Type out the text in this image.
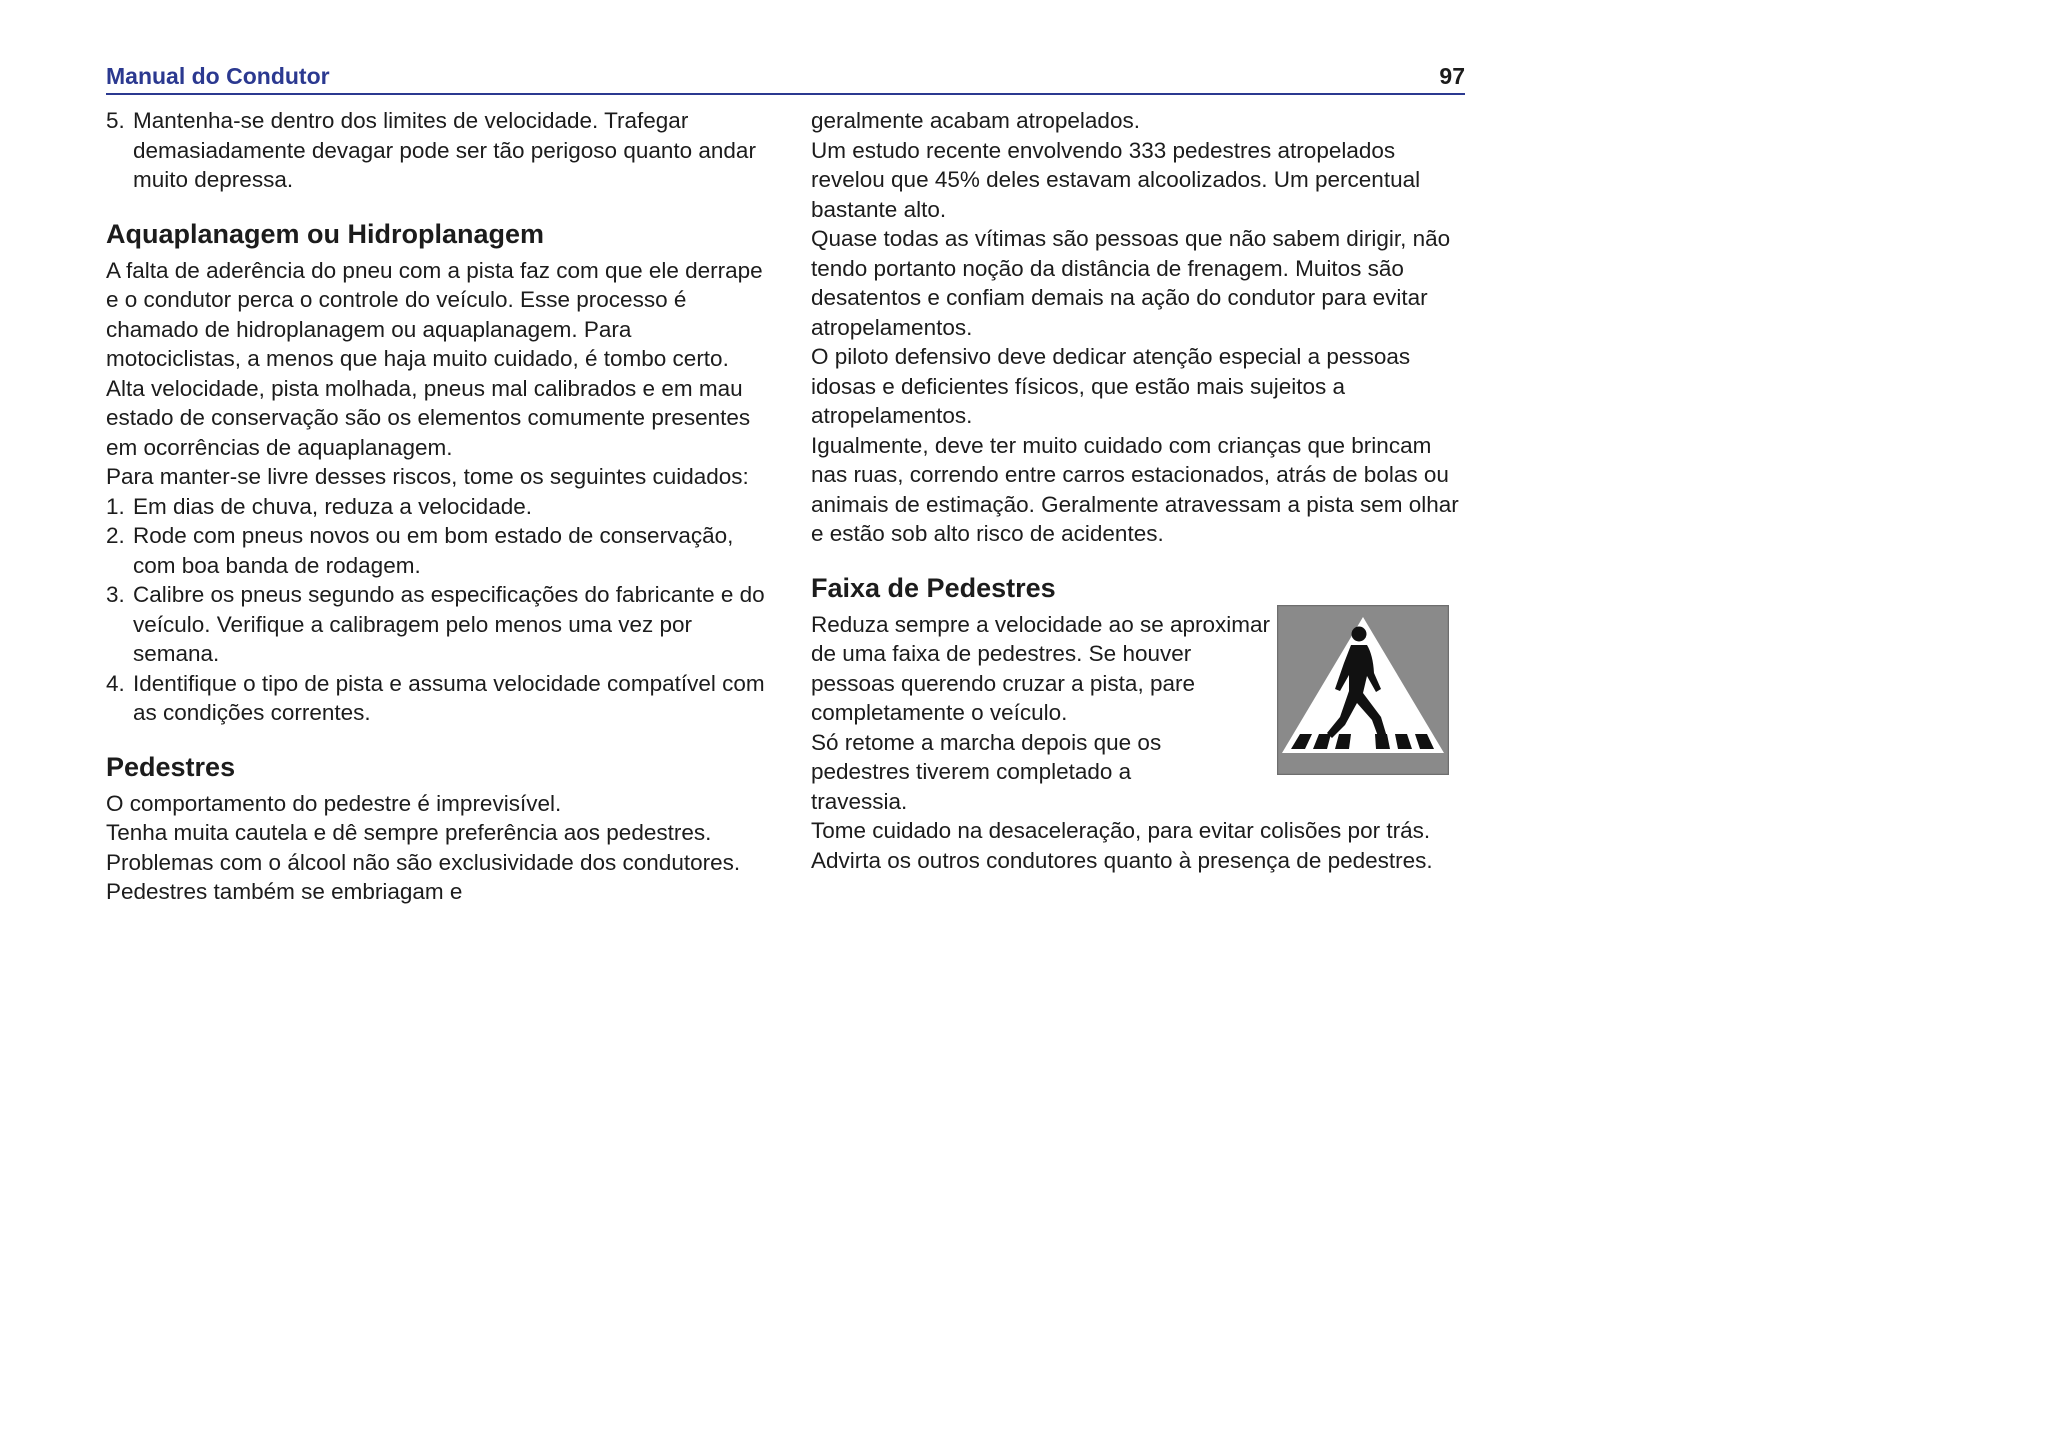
Manual do Condutor	97

5. Mantenha-se dentro dos limites de velocidade. Trafegar demasiadamente devagar pode ser tão perigoso quanto andar muito depressa.

Aquaplanagem ou Hidroplanagem

A falta de aderência do pneu com a pista faz com que ele derrape e o condutor perca o controle do veículo. Esse processo é chamado de hidroplanagem ou aquaplanagem. Para motociclistas, a menos que haja muito cuidado, é tombo certo.

Alta velocidade, pista molhada, pneus mal calibrados e em mau estado de conservação são os elementos comumente presentes em ocorrências de aquaplanagem.

Para manter-se livre desses riscos, tome os seguintes cuidados:

1. Em dias de chuva, reduza a velocidade.

2. Rode com pneus novos ou em bom estado de conservação, com boa banda de rodagem.

3. Calibre os pneus segundo as especificações do fabricante e do veículo. Verifique a calibragem pelo menos uma vez por semana.

4. Identifique o tipo de pista e assuma velocidade compatível com as condições correntes.

Pedestres

O comportamento do pedestre é imprevisível.

Tenha muita cautela e dê sempre preferência aos pedestres.

Problemas com o álcool não são exclusividade dos condutores. Pedestres também se embriagam e

geralmente acabam atropelados.

Um estudo recente envolvendo 333 pedestres atropelados revelou que 45% deles estavam alcoolizados. Um percentual bastante alto.

Quase todas as vítimas são pessoas que não sabem dirigir, não tendo portanto noção da distância de frenagem. Muitos são desatentos e confiam demais na ação do condutor para evitar atropelamentos.

O piloto defensivo deve dedicar atenção especial a pessoas idosas e deficientes físicos, que estão mais sujeitos a atropelamentos.

Igualmente, deve ter muito cuidado com crianças que brincam nas ruas, correndo entre carros estacionados, atrás de bolas ou animais de estimação. Geralmente atravessam a pista sem olhar e estão sob alto risco de acidentes.

Faixa de Pedestres

Reduza sempre a velocidade ao se aproximar de uma faixa de pedestres. Se houver pessoas querendo cruzar a pista, pare completamente o veículo.

Só retome a marcha depois que os pedestres tiverem completado a travessia.

Tome cuidado na desaceleração, para evitar colisões por trás. Advirta os outros condutores quanto à presença de pedestres.
